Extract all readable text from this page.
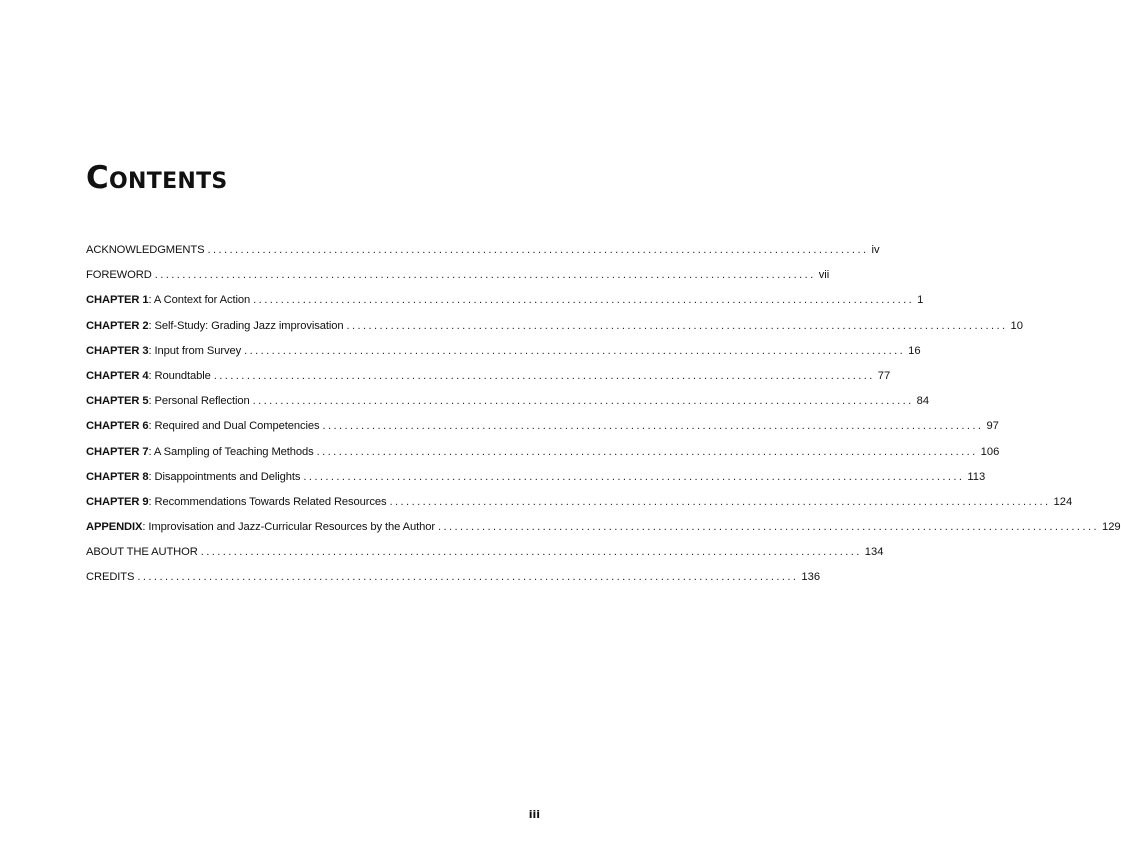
Contents
ACKNOWLEDGMENTS ........................................................................................................................ iv
FOREWORD ........................................................................................................................ vii
CHAPTER 1: A Context for Action ........................................................................................................................ 1
CHAPTER 2: Self-Study: Grading Jazz improvisation ........................................................................................................................ 10
CHAPTER 3: Input from Survey ........................................................................................................................ 16
CHAPTER 4: Roundtable ........................................................................................................................ 77
CHAPTER 5: Personal Reflection ........................................................................................................................ 84
CHAPTER 6: Required and Dual Competencies ........................................................................................................................ 97
CHAPTER 7: A Sampling of Teaching Methods ........................................................................................................................ 106
CHAPTER 8: Disappointments and Delights ........................................................................................................................ 113
CHAPTER 9: Recommendations Towards Related Resources ........................................................................................................................ 124
APPENDIX: Improvisation and Jazz-Curricular Resources by the Author ........................................................................................................................ 129
ABOUT THE AUTHOR ........................................................................................................................ 134
CREDITS ........................................................................................................................ 136
iii
